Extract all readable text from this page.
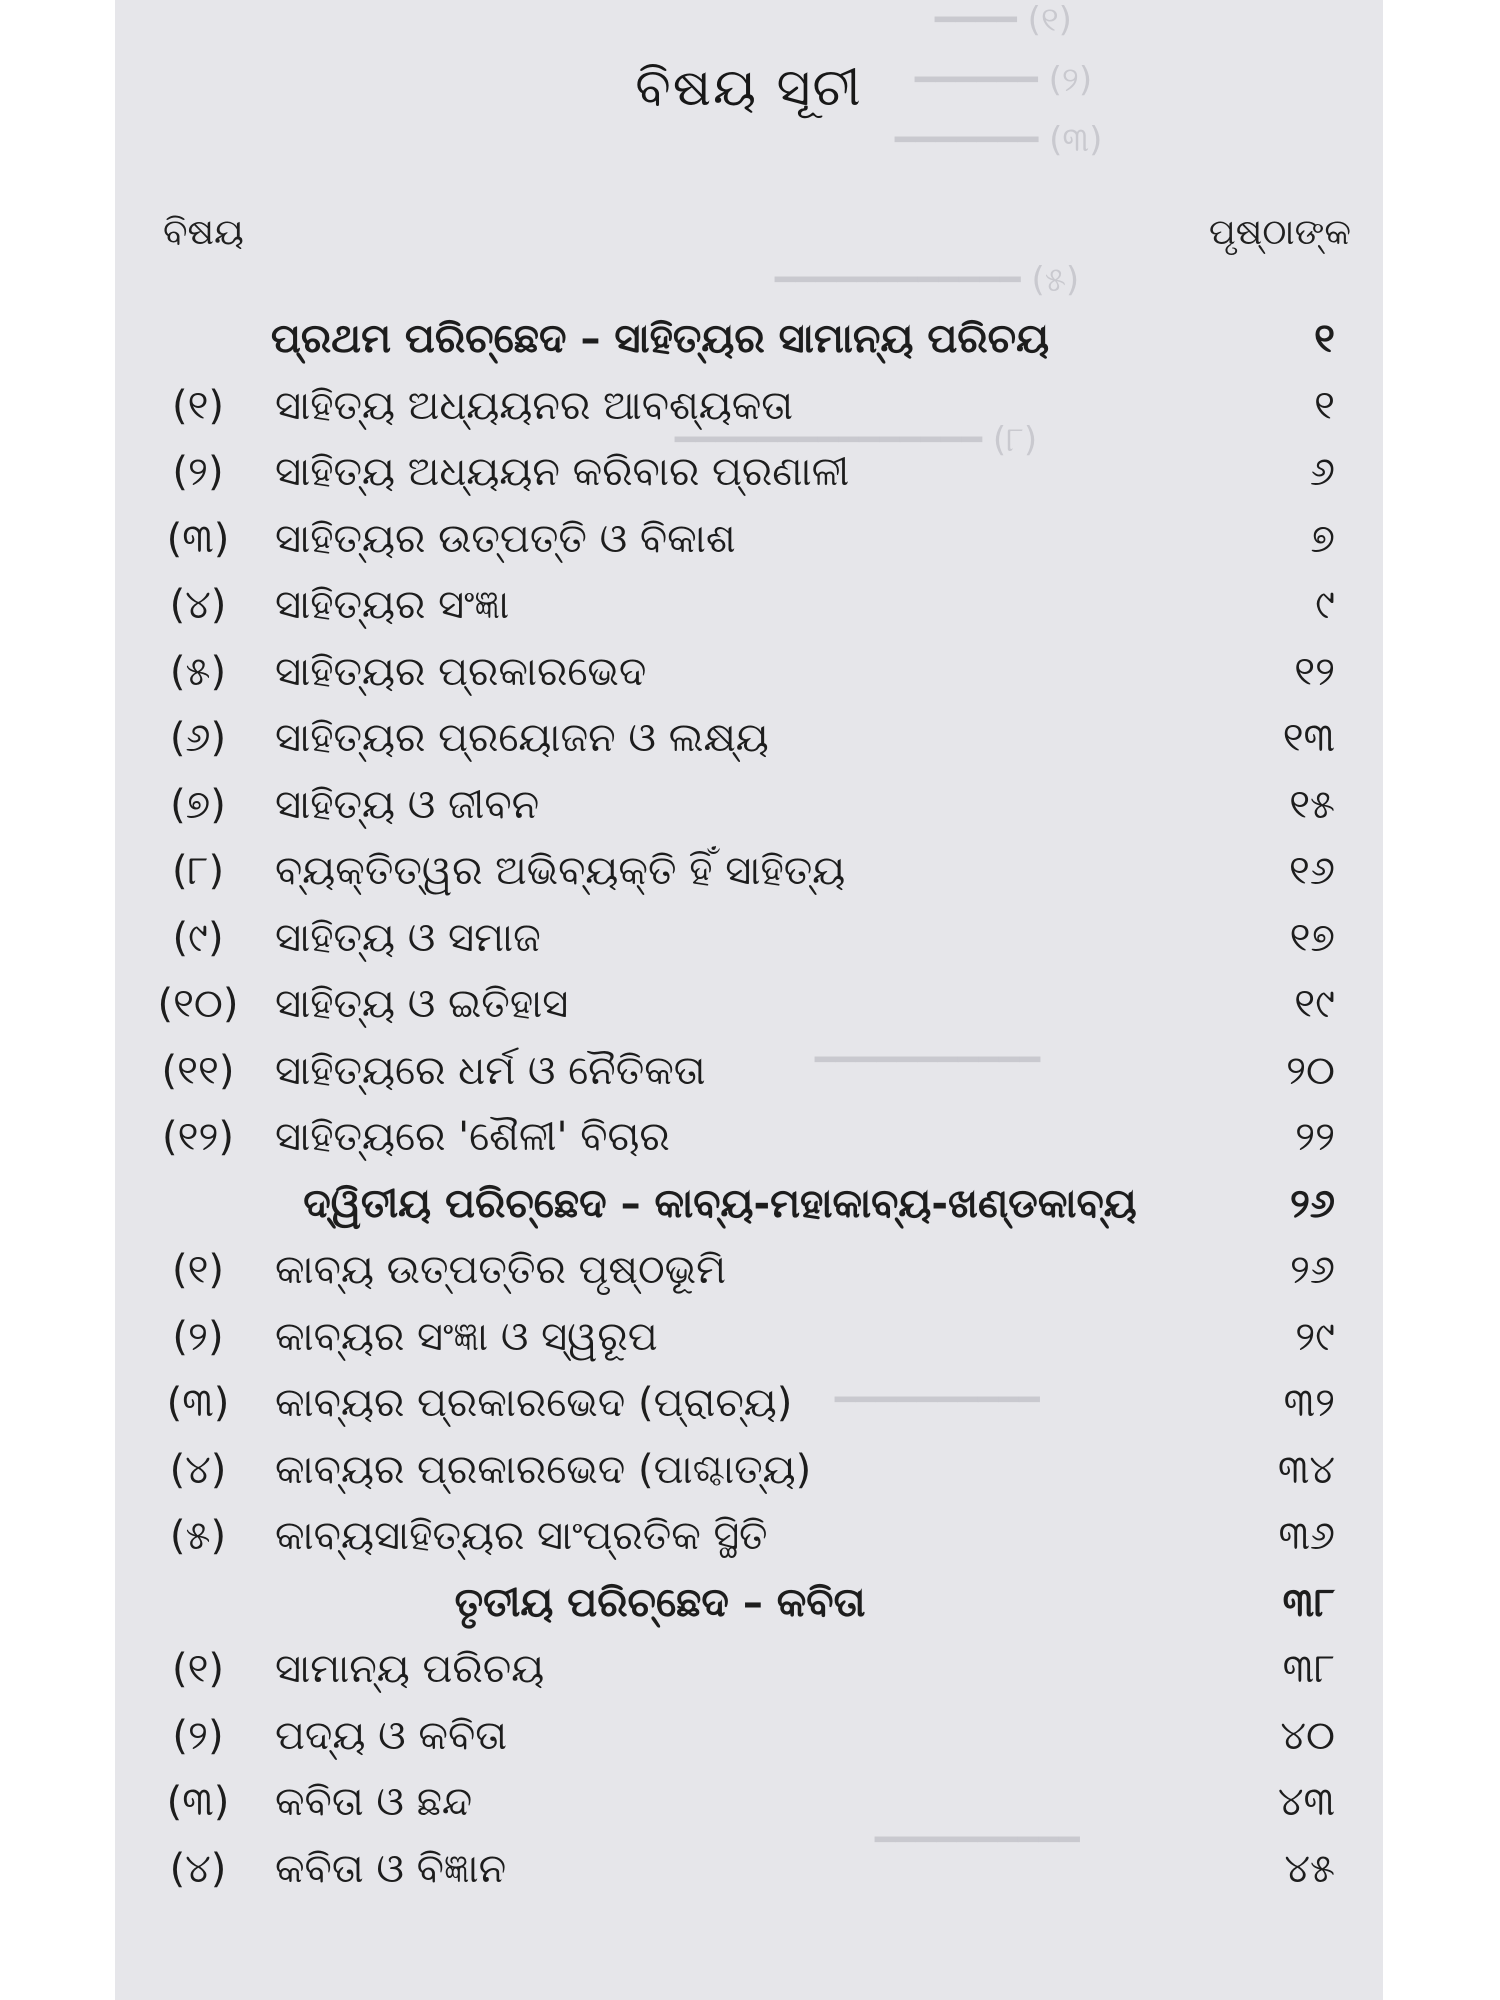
━━━━ (୧)
━━━━━━ (୨)
━━━━━━━ (୩)
━━━━━━━━━━━━ (୫)
━━━━━━━━━━━━━━━ (୮)
━━━━━━━━━━━
━━━━━━━━━━
━━━━━━━━━━
ବିଷୟ ସୂଚୀ
ବିଷୟ	ପୃଷ୍ଠାଙ୍କ
ପ୍ରଥମ ପରିଚ୍ଛେଦ – ସାହିତ୍ୟର ସାମାନ୍ୟ ପରିଚୟ	୧
(୧)	ସାହିତ୍ୟ ଅଧ୍ୟୟନର ଆବଶ୍ୟକତା	୧
(୨)	ସାହିତ୍ୟ ଅଧ୍ୟୟନ କରିବାର ପ୍ରଣାଳୀ	୬
(୩)	ସାହିତ୍ୟର ଉତ୍ପତ୍ତି ଓ ବିକାଶ	୭
(୪)	ସାହିତ୍ୟର ସଂଜ୍ଞା	୯
(୫)	ସାହିତ୍ୟର ପ୍ରକାରଭେଦ	୧୨
(୬)	ସାହିତ୍ୟର ପ୍ରୟୋଜନ ଓ ଲକ୍ଷ୍ୟ	୧୩
(୭)	ସାହିତ୍ୟ ଓ ଜୀବନ	୧୫
(୮)	ବ୍ୟକ୍ତିତ୍ୱର ଅଭିବ୍ୟକ୍ତି ହିଁ ସାହିତ୍ୟ	୧୬
(୯)	ସାହିତ୍ୟ ଓ ସମାଜ	୧୭
(୧୦) ସାହିତ୍ୟ ଓ ଇତିହାସ	୧୯
(୧୧)	ସାହିତ୍ୟରେ ଧର୍ମ ଓ ନୈତିକତା	୨୦
(୧୨)	ସାହିତ୍ୟରେ 'ଶୈଳୀ' ବିଚାର	୨୨
ଦ୍ୱିତୀୟ ପରିଚ୍ଛେଦ – କାବ୍ୟ-ମହାକାବ୍ୟ-ଖଣ୍ଡକାବ୍ୟ	୨୬
(୧)	କାବ୍ୟ ଉତ୍ପତ୍ତିର ପୃଷ୍ଠଭୂମି	୨୬
(୨)	କାବ୍ୟର ସଂଜ୍ଞା ଓ ସ୍ୱରୂପ	୨୯
(୩)	କାବ୍ୟର ପ୍ରକାରଭେଦ (ପ୍ରାଚ୍ୟ)	୩୨
(୪)	କାବ୍ୟର ପ୍ରକାରଭେଦ (ପାଶ୍ଚାତ୍ୟ)	୩୪
(୫)	କାବ୍ୟସାହିତ୍ୟର ସାଂପ୍ରତିକ ସ୍ଥିତି	୩୬
ତୃତୀୟ ପରିଚ୍ଛେଦ – କବିତା	୩୮
(୧)	ସାମାନ୍ୟ ପରିଚୟ	୩୮
(୨)	ପଦ୍ୟ ଓ କବିତା	୪୦
(୩)	କବିତା ଓ ଛନ୍ଦ	୪୩
(୪)	କବିତା ଓ ବିଜ୍ଞାନ	୪୫
